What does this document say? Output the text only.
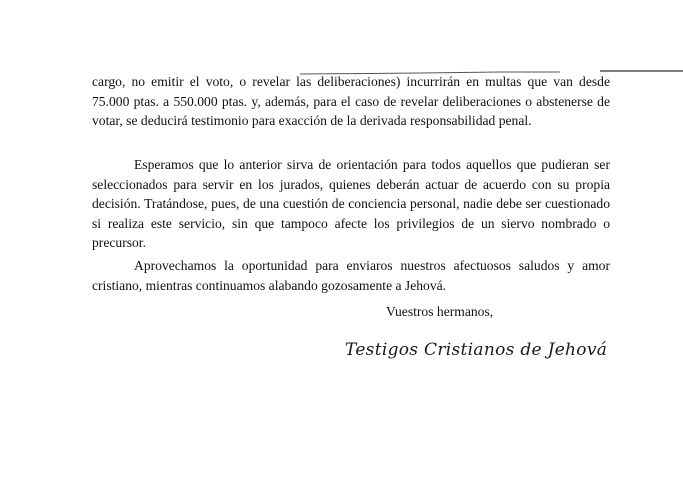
cargo, no emitir el voto, o revelar las deliberaciones) incurrirán en multas que van desde 75.000 ptas. a 550.000 ptas. y, además, para el caso de revelar deliberaciones o abstenerse de votar, se deducirá testimonio para exacción de la derivada responsabilidad penal.

Esperamos que lo anterior sirva de orientación para todos aquellos que pudieran ser seleccionados para servir en los jurados, quienes deberán actuar de acuerdo con su propia decisión. Tratándose, pues, de una cuestión de conciencia personal, nadie debe ser cuestionado si realiza este servicio, sin que tampoco afecte los privilegios de un siervo nombrado o precursor.

Aprovechamos la oportunidad para enviaros nuestros afectuosos saludos y amor cristiano, mientras continuamos alabando gozosamente a Jehová.

Vuestros hermanos,

Testigos Cristianos de Jehová
